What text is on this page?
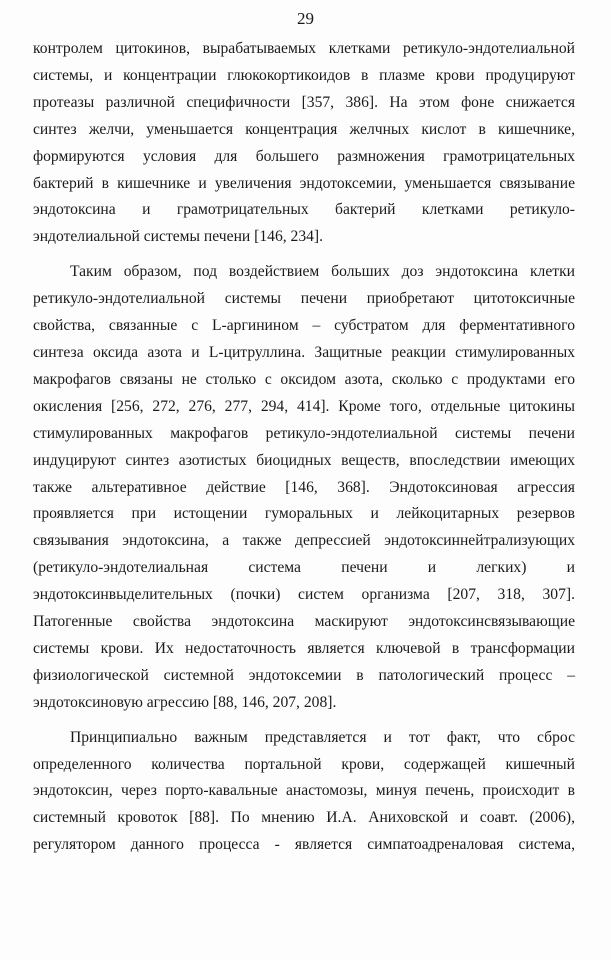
29
контролем цитокинов, вырабатываемых клетками ретикуло-эндотелиальной
системы, и концентрации глюкокортикоидов в плазме крови продуцируют
протеазы различной специфичности [357, 386]. На этом фоне снижается
синтез желчи, уменьшается концентрация желчных кислот в кишечнике,
формируются условия для большего размножения грамотрицательных
бактерий в кишечнике и увеличения эндотоксемии, уменьшается связывание
эндотоксина и грамотрицательных бактерий клетками ретикуло-
эндотелиальной системы печени [146, 234].
Таким образом, под воздействием больших доз эндотоксина клетки
ретикуло-эндотелиальной системы печени приобретают цитотоксичные
свойства, связанные с L-аргинином – субстратом для ферментативного
синтеза оксида азота и L-цитруллина. Защитные реакции стимулированных
макрофагов связаны не столько с оксидом азота, сколько с продуктами его
окисления [256, 272, 276, 277, 294, 414]. Кроме того, отдельные цитокины
стимулированных макрофагов ретикуло-эндотелиальной системы печени
индуцируют синтез азотистых биоцидных веществ, впоследствии имеющих
также альтеративное действие [146, 368]. Эндотоксиновая агрессия
проявляется при истощении гуморальных и лейкоцитарных резервов
связывания эндотоксина, а также депрессией эндотоксиннейтрализующих
(ретикуло-эндотелиальная система печени и легких) и
эндотоксинвыделительных (почки) систем организма [207, 318, 307].
Патогенные свойства эндотоксина маскируют эндотоксинсвязывающие
системы крови. Их недостаточность является ключевой в трансформации
физиологической системной эндотоксемии в патологический процесс –
эндотоксиновую агрессию [88, 146, 207, 208].
Принципиально важным представляется и тот факт, что сброс
определенного количества портальной крови, содержащей кишечный
эндотоксин, через порто-кавальные анастомозы, минуя печень, происходит в
системный кровоток [88]. По мнению И.А. Аниховской и соавт. (2006),
регулятором данного процесса - является симпатоадреналовая система,
